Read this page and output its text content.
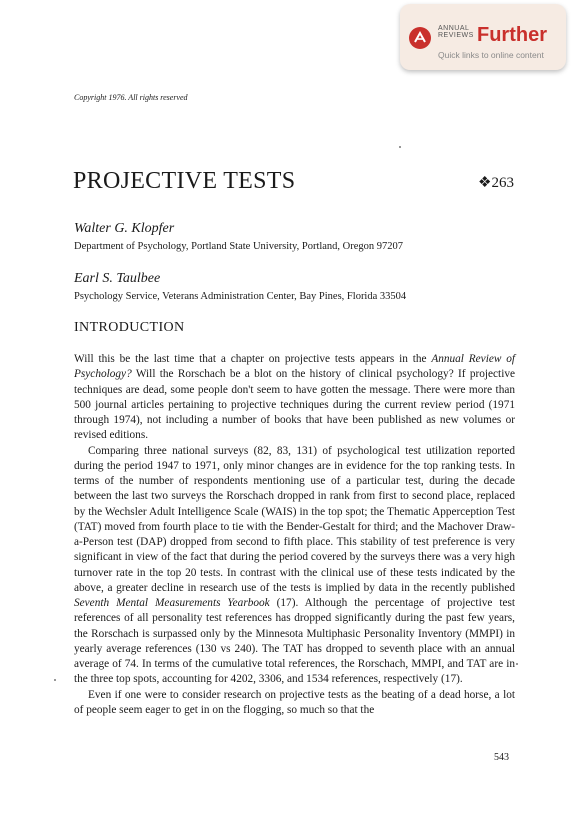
ANNUAL REVIEWS Further
Quick links to online content
Copyright 1976. All rights reserved
PROJECTIVE TESTS	❖263
Walter G. Klopfer
Department of Psychology, Portland State University, Portland, Oregon 97207
Earl S. Taulbee
Psychology Service, Veterans Administration Center, Bay Pines, Florida 33504
INTRODUCTION

Will this be the last time that a chapter on projective tests appears in the Annual Review of Psychology? Will the Rorschach be a blot on the history of clinical psychology? If projective techniques are dead, some people don't seem to have gotten the message. There were more than 500 journal articles pertaining to projective techniques during the current review period (1971 through 1974), not including a number of books that have been published as new volumes or revised editions.

Comparing three national surveys (82, 83, 131) of psychological test utilization reported during the period 1947 to 1971, only minor changes are in evidence for the top ranking tests. In terms of the number of respondents mentioning use of a particular test, during the decade between the last two surveys the Rorschach dropped in rank from first to second place, replaced by the Wechsler Adult Intelligence Scale (WAIS) in the top spot; the Thematic Apperception Test (TAT) moved from fourth place to tie with the Bender-Gestalt for third; and the Machover Draw-a-Person test (DAP) dropped from second to fifth place. This stability of test preference is very significant in view of the fact that during the period covered by the surveys there was a very high turnover rate in the top 20 tests. In contrast with the clinical use of these tests indicated by the above, a greater decline in research use of the tests is implied by data in the recently published Seventh Mental Measurements Yearbook (17). Although the percentage of projective test references of all personality test references has dropped significantly during the past few years, the Rorschach is surpassed only by the Minnesota Multiphasic Personality Inventory (MMPI) in yearly average references (130 vs 240). The TAT has dropped to seventh place with an annual average of 74. In terms of the cumulative total references, the Rorschach, MMPI, and TAT are in the three top spots, accounting for 4202, 3306, and 1534 references, respectively (17).

Even if one were to consider research on projective tests as the beating of a dead horse, a lot of people seem eager to get in on the flogging, so much so that the

543
